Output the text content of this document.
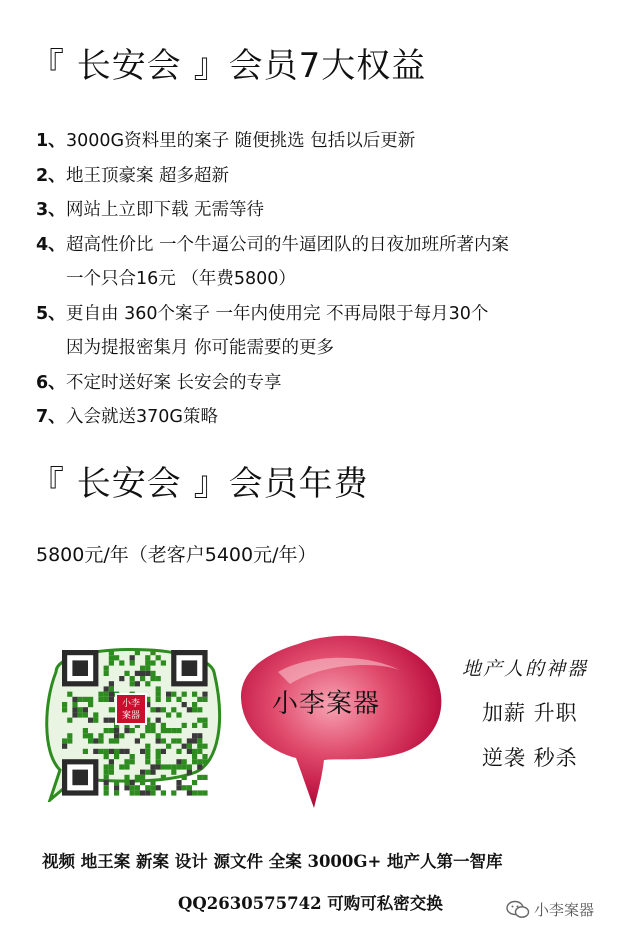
『 长安会 』会员7大权益
1、3000G资料里的案子 随便挑选 包括以后更新
2、地王顶豪案 超多超新
3、网站上立即下载 无需等待
4、超高性价比 一个牛逼公司的牛逼团队的日夜加班所著内案
一个只合16元 （年费5800）
5、更自由 360个案子 一年内使用完 不再局限于每月30个
因为提报密集月 你可能需要的更多
6、不定时送好案 长安会的专享
7、入会就送370G策略
『 长安会 』会员年费
5800元/年（老客户5400元/年）
小李
案器	小李案器
地产人的神器
加薪 升职
逆袭 秒杀
视频 地王案 新案 设计 源文件 全案 3000G+ 地产人第一智库
QQ2630575742 可购可私密交换	小李案器
